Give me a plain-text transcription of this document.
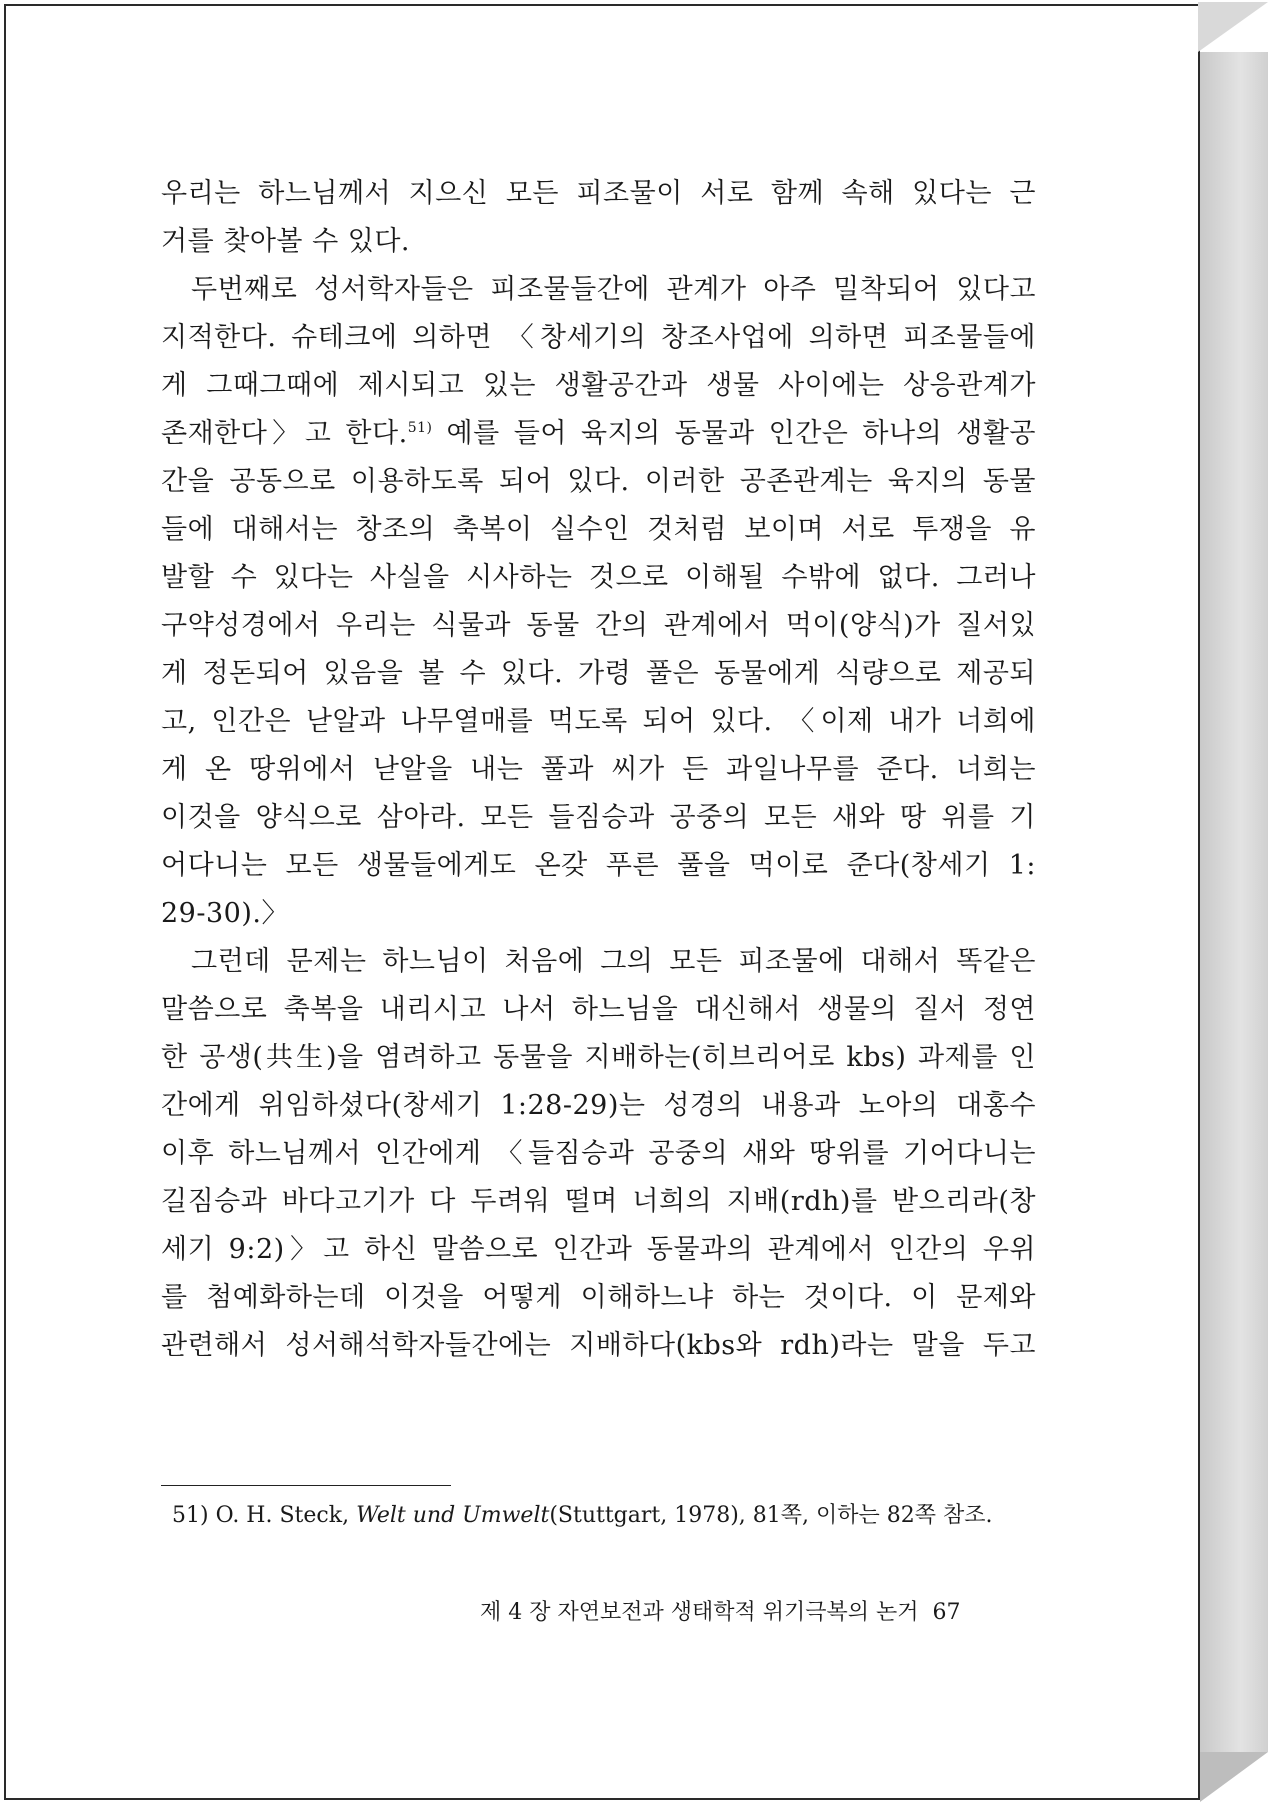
우리는 하느님께서 지으신 모든 피조물이 서로 함께 속해 있다는 근
거를 찾아볼 수 있다.
두번째로 성서학자들은 피조물들간에 관계가 아주 밀착되어 있다고
지적한다. 슈테크에 의하면 〈창세기의 창조사업에 의하면 피조물들에
게 그때그때에 제시되고 있는 생활공간과 생물 사이에는 상응관계가
존재한다〉고 한다.$^{51)}$ 예를 들어 육지의 동물과 인간은 하나의 생활공
간을 공동으로 이용하도록 되어 있다. 이러한 공존관계는 육지의 동물
들에 대해서는 창조의 축복이 실수인 것처럼 보이며 서로 투쟁을 유
발할 수 있다는 사실을 시사하는 것으로 이해될 수밖에 없다. 그러나
구약성경에서 우리는 식물과 동물 간의 관계에서 먹이(양식)가 질서있
게 정돈되어 있음을 볼 수 있다. 가령 풀은 동물에게 식량으로 제공되
고, 인간은 낟알과 나무열매를 먹도록 되어 있다. 〈이제 내가 너희에
게 온 땅위에서 낟알을 내는 풀과 씨가 든 과일나무를 준다. 너희는
이것을 양식으로 삼아라. 모든 들짐승과 공중의 모든 새와 땅 위를 기
어다니는 모든 생물들에게도 온갖 푸른 풀을 먹이로 준다(창세기 1:
29-30).〉
그런데 문제는 하느님이 처음에 그의 모든 피조물에 대해서 똑같은
말씀으로 축복을 내리시고 나서 하느님을 대신해서 생물의 질서 정연
한 공생(共生)을 염려하고 동물을 지배하는(히브리어로 kbs) 과제를 인
간에게 위임하셨다(창세기 1:28-29)는 성경의 내용과 노아의 대홍수
이후 하느님께서 인간에게 〈들짐승과 공중의 새와 땅위를 기어다니는
길짐승과 바다고기가 다 두려워 떨며 너희의 지배(rdh)를 받으리라(창
세기 9:2)〉고 하신 말씀으로 인간과 동물과의 관계에서 인간의 우위
를 첨예화하는데 이것을 어떻게 이해하느냐 하는 것이다. 이 문제와
관련해서 성서해석학자들간에는 지배하다(kbs와 rdh)라는 말을 두고
51) O. H. Steck, Welt und Umwelt(Stuttgart, 1978), 81쪽, 이하는 82쪽 참조.
제 4 장 자연보전과 생태학적 위기극복의 논거 67
